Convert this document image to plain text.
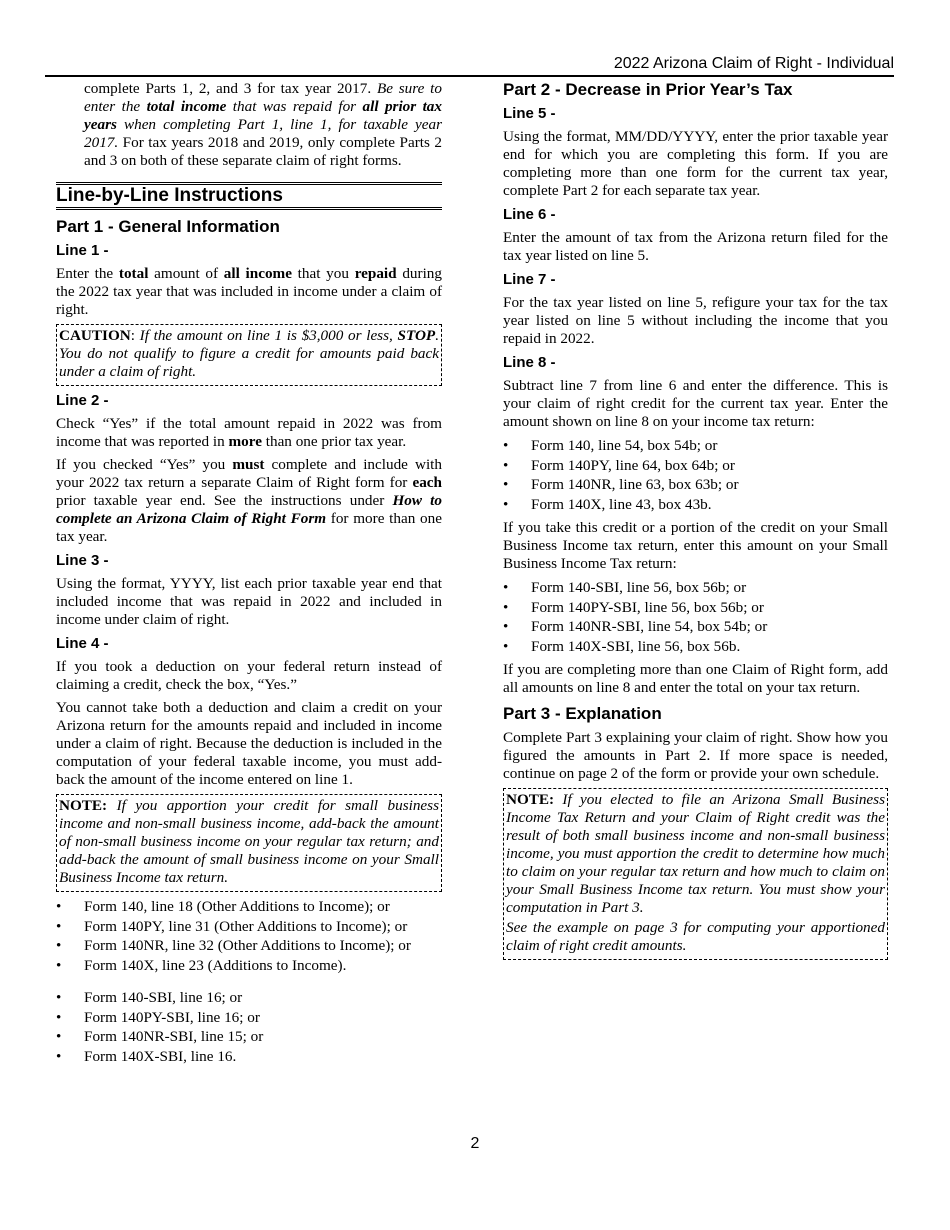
2022 Arizona Claim of Right - Individual

complete Parts 1, 2, and 3 for tax year 2017. Be sure to enter the total income that was repaid for all prior tax years when completing Part 1, line 1, for taxable year 2017. For tax years 2018 and 2019, only complete Parts 2 and 3 on both of these separate claim of right forms.

Line-by-Line Instructions
Part 1 - General Information
Line 1 -

Enter the total amount of all income that you repaid during the 2022 tax year that was included in income under a claim of right.

CAUTION: If the amount on line 1 is $3,000 or less, STOP. You do not qualify to figure a credit for amounts paid back under a claim of right.

Line 2 -

Check “Yes” if the total amount repaid in 2022 was from income that was reported in more than one prior tax year.

If you checked “Yes” you must complete and include with your 2022 tax return a separate Claim of Right form for each prior taxable year end. See the instructions under How to complete an Arizona Claim of Right Form for more than one tax year.

Line 3 -

Using the format, YYYY, list each prior taxable year end that included income that was repaid in 2022 and included in income under claim of right.

Line 4 -

If you took a deduction on your federal return instead of claiming a credit, check the box, “Yes.”

You cannot take both a deduction and claim a credit on your Arizona return for the amounts repaid and included in income under a claim of right. Because the deduction is included in the computation of your federal taxable income, you must add-back the amount of the income entered on line 1.

NOTE: If you apportion your credit for small business income and non-small business income, add-back the amount of non-small business income on your regular tax return; and add-back the amount of small business income on your Small Business Income tax return.

• Form 140, line 18 (Other Additions to Income); or
• Form 140PY, line 31 (Other Additions to Income); or
• Form 140NR, line 32 (Other Additions to Income); or
• Form 140X, line 23 (Additions to Income).
• Form 140-SBI, line 16; or
• Form 140PY-SBI, line 16; or
• Form 140NR-SBI, line 15; or
• Form 140X-SBI, line 16.
Part 2 - Decrease in Prior Year’s Tax
Line 5 -

Using the format, MM/DD/YYYY, enter the prior taxable year end for which you are completing this form. If you are completing more than one form for the current tax year, complete Part 2 for each separate tax year.

Line 6 -

Enter the amount of tax from the Arizona return filed for the tax year listed on line 5.

Line 7 -

For the tax year listed on line 5, refigure your tax for the tax year listed on line 5 without including the income that you repaid in 2022.

Line 8 -

Subtract line 7 from line 6 and enter the difference. This is your claim of right credit for the current tax year. Enter the amount shown on line 8 on your income tax return:

• Form 140, line 54, box 54b; or
• Form 140PY, line 64, box 64b; or
• Form 140NR, line 63, box 63b; or
• Form 140X, line 43, box 43b.

If you take this credit or a portion of the credit on your Small Business Income tax return, enter this amount on your Small Business Income Tax return:

• Form 140-SBI, line 56, box 56b; or
• Form 140PY-SBI, line 56, box 56b; or
• Form 140NR-SBI, line 54, box 54b; or
• Form 140X-SBI, line 56, box 56b.

If you are completing more than one Claim of Right form, add all amounts on line 8 and enter the total on your tax return.

Part 3 - Explanation

Complete Part 3 explaining your claim of right. Show how you figured the amounts in Part 2. If more space is needed, continue on page 2 of the form or provide your own schedule.

NOTE: If you elected to file an Arizona Small Business Income Tax Return and your Claim of Right credit was the result of both small business income and non-small business income, you must apportion the credit to determine how much to claim on your regular tax return and how much to claim on your Small Business Income tax return. You must show your computation in Part 3.

See the example on page 3 for computing your apportioned claim of right credit amounts.

2
